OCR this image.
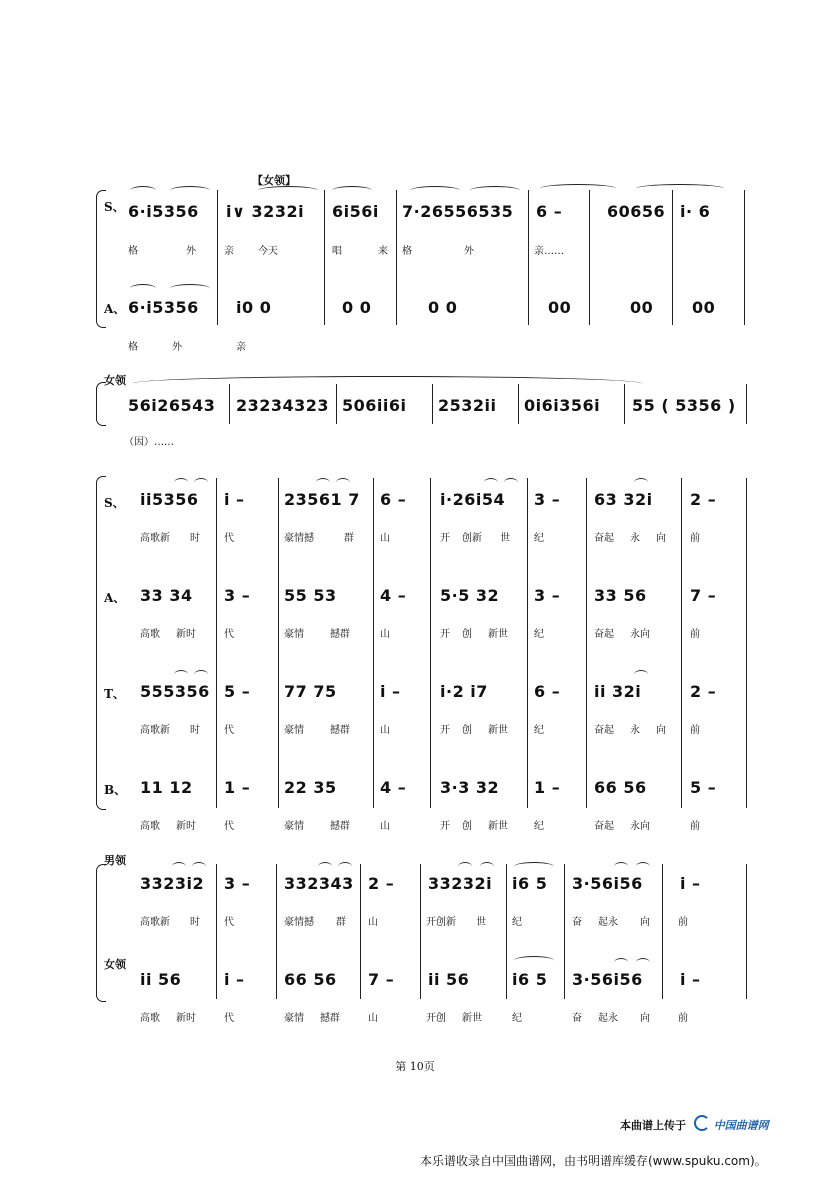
【女领】
S、
A、
6·i5356 i∨ 3232i 6i56i 7·26556535 6 –	60656 i· 6
格	外	亲 今天	唱	来 格	外	亲……
6·i5356 i0 0	0 0	0 0	00	00 00
格	外	亲
女领
56i26543 23234323 506ii6i 2532ii 0i6i356i 55 ( 5356 )
（因）……
S、 ii5356 i – 23561 7 6 – i·26i54 3 – 63 32i 2 –
高歌新 时 代	豪情撼	群	山	开 创新 世 纪	奋起 永 向 前
A、 33 34 3 – 55 53	4 – 5·5 32 3 – 33 56	7 –
高歌 新时	代	豪情	撼群	山	开 创 新世	纪	奋起 永向	前
T、 555356 5 – 77 75	i – i·2 i7	6 – ii 32i	2 –
高歌新 时 代	豪情	撼群	山	开 创 新世	纪	奋起 永 向 前
B、 11 12 1 – 22 35	4 – 3·3 32 1 – 66 56	5 –
高歌 新时	代	豪情	撼群	山	开 创 新世	纪	奋起 永向	前
男领
女领
3323i2 3 – 332343 2 – 33232i i6 5 3·56i56 i –
高歌新 时 代	豪情撼 群 山	开创新 世	纪	奋 起永 向	前
ii 56	i – 66 56 7 – ii 56	i6 5 3·56i56 i –
高歌 新时	代	豪情 撼群	山	开创 新世	纪	奋 起永 向	前
第 10页
本曲谱上传于	中国曲谱网
本乐谱收录自中国曲谱网，由书明谱库缓存(www.spuku.com)。
